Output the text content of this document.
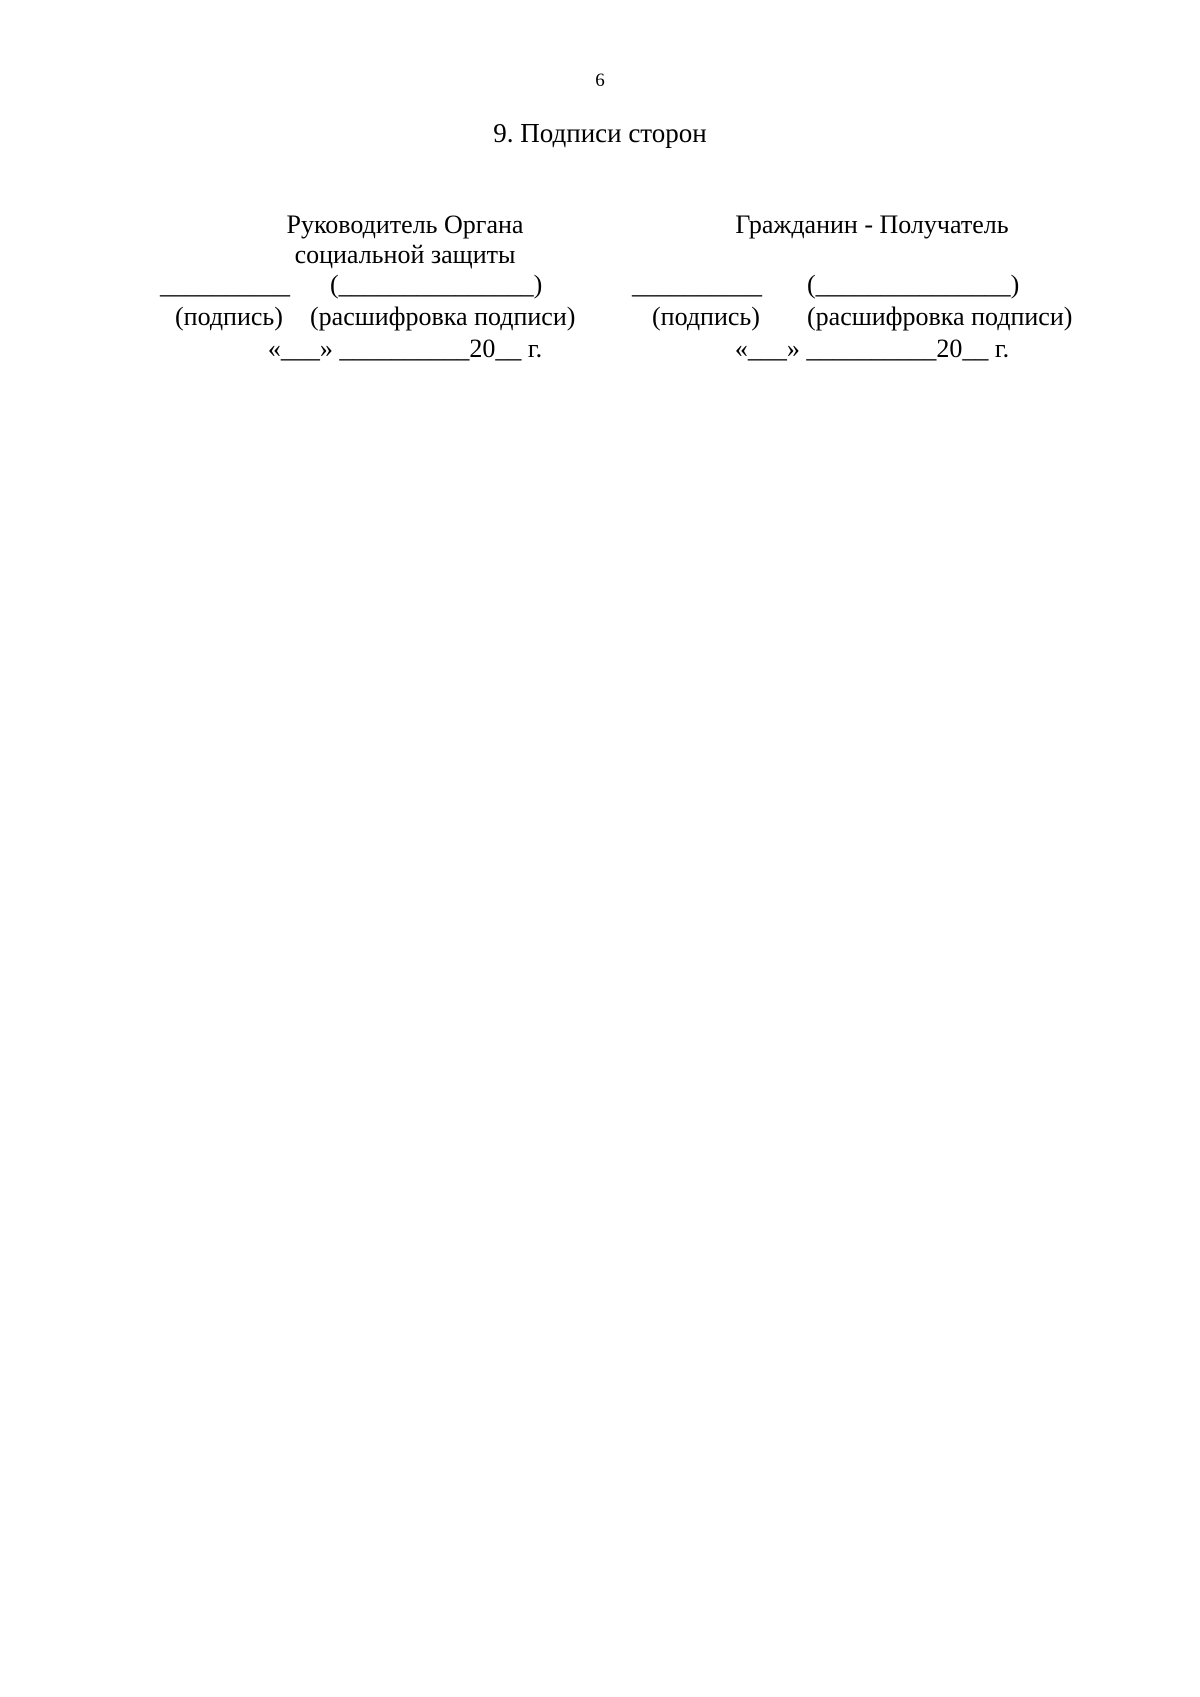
6
9. Подписи сторон
Руководитель Органа
социальной защиты
__________ (_______________)
(подпись) (расшифровка подписи)
«___» __________20__ г.
Гражданин - Получатель
__________ (_______________)
(подпись) (расшифровка подписи)
«___» __________20__ г.
